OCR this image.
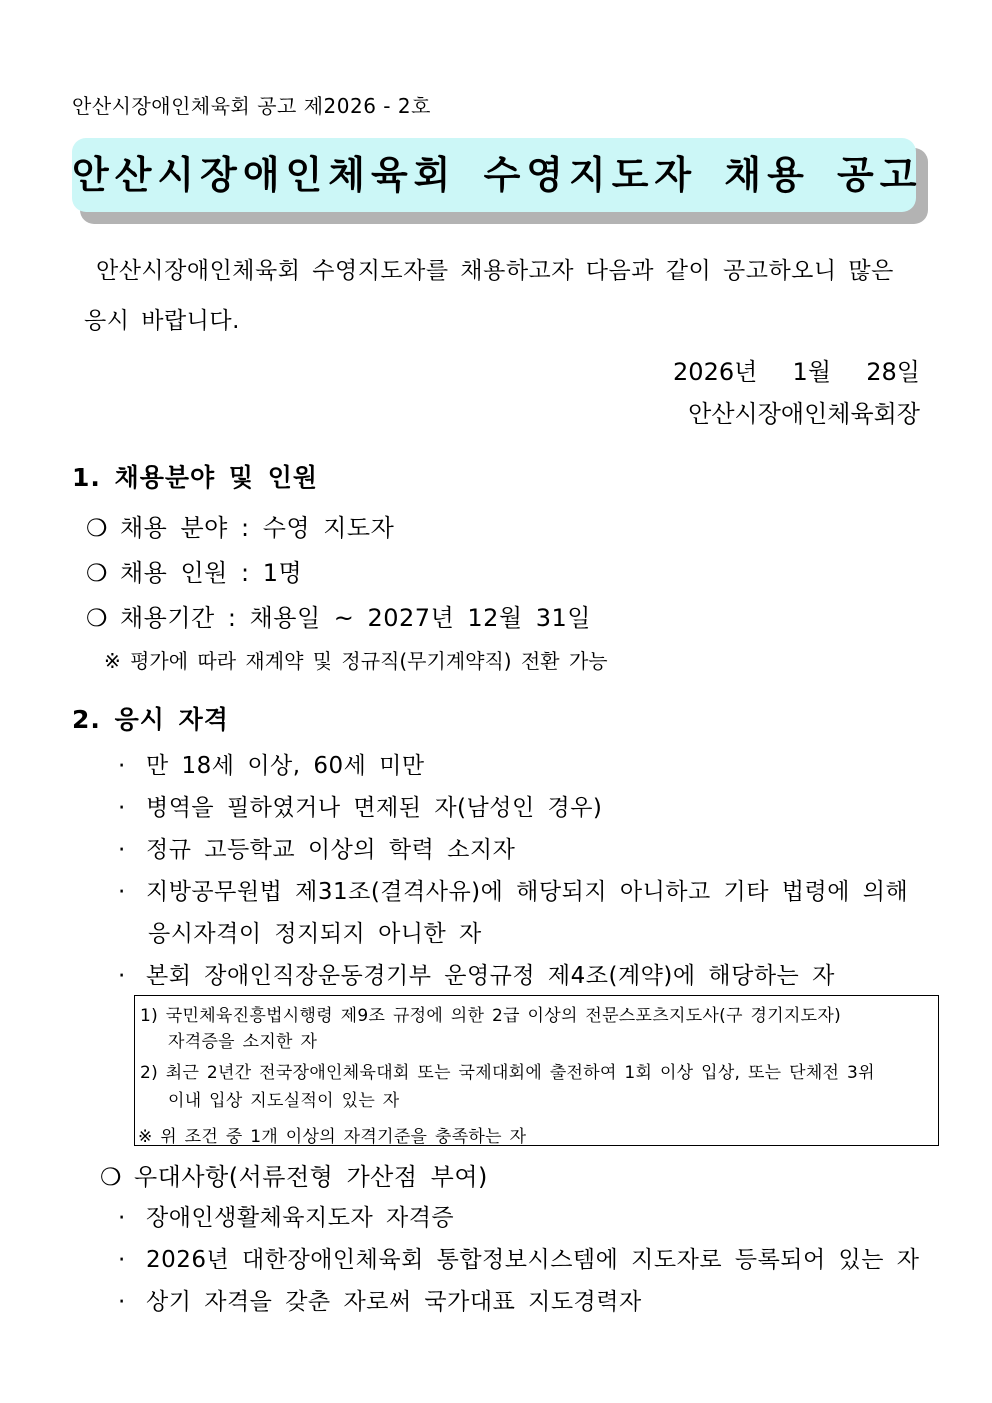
안산시장애인체육회 공고 제2026 - 2호
안산시장애인체육회 수영지도자 채용 공고
안산시장애인체육회 수영지도자를 채용하고자 다음과 같이 공고하오니 많은
응시 바랍니다.
2026년  1월  28일
안산시장애인체육회장
1. 채용분야 및 인원
❍ 채용 분야 : 수영 지도자
❍ 채용 인원 : 1명
❍ 채용기간 : 채용일 ~ 2027년 12월 31일
※ 평가에 따라 재계약 및 정규직(무기계약직) 전환 가능
2. 응시 자격
· 만 18세 이상, 60세 미만
· 병역을 필하였거나 면제된 자(남성인 경우)
· 정규 고등학교 이상의 학력 소지자
· 지방공무원법 제31조(결격사유)에 해당되지 아니하고 기타 법령에 의해
응시자격이 정지되지 아니한 자
· 본회 장애인직장운동경기부 운영규정 제4조(계약)에 해당하는 자
1) 국민체육진흥법시행령 제9조 규정에 의한 2급 이상의 전문스포츠지도사(구 경기지도자)
자격증을 소지한 자
2) 최근 2년간 전국장애인체육대회 또는 국제대회에 출전하여 1회 이상 입상, 또는 단체전 3위
이내 입상 지도실적이 있는 자
※ 위 조건 중 1개 이상의 자격기준을 충족하는 자
❍ 우대사항(서류전형 가산점 부여)
· 장애인생활체육지도자 자격증
· 2026년 대한장애인체육회 통합정보시스템에 지도자로 등록되어 있는 자
· 상기 자격을 갖춘 자로써 국가대표 지도경력자
